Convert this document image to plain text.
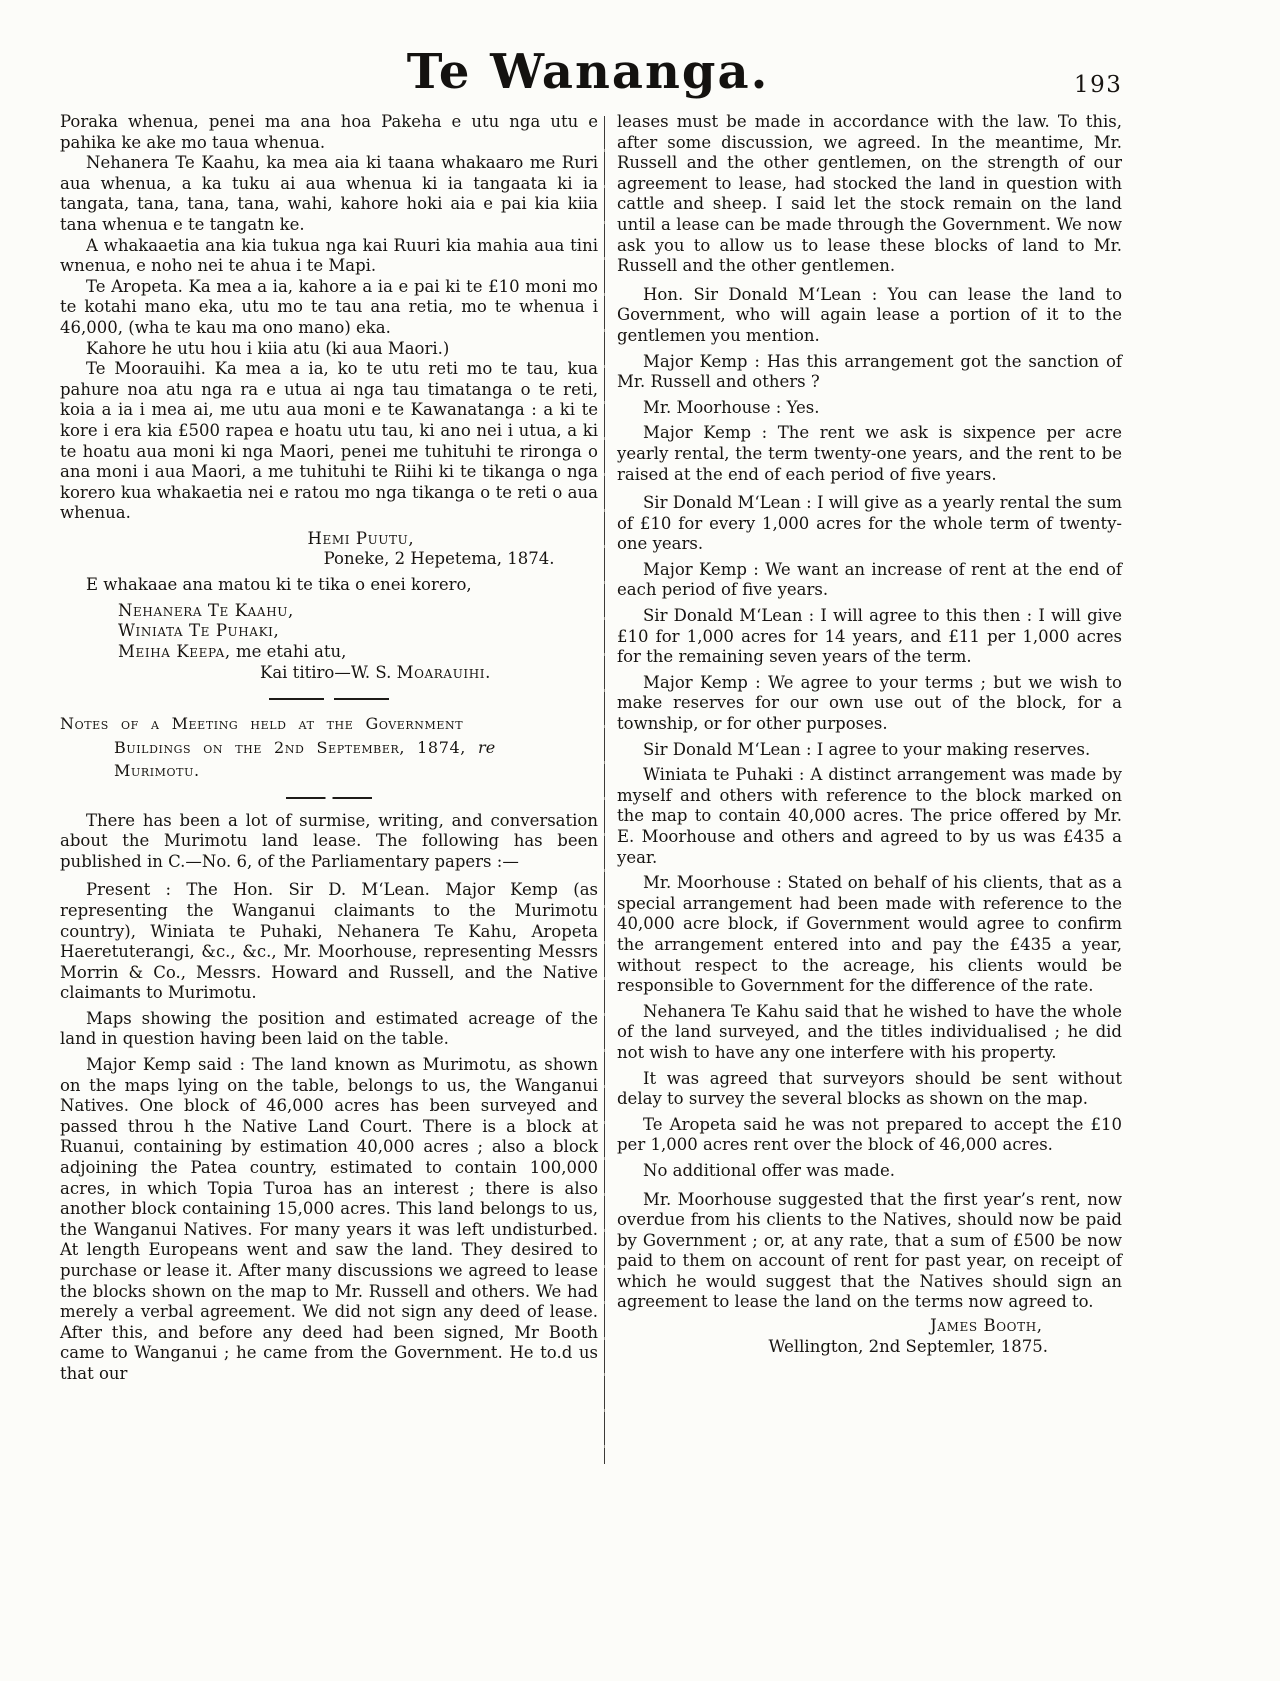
Te Wananga.	193

Poraka whenua, penei ma ana hoa Pakeha e utu nga utu e pahika ke ake mo taua whenua.

Nehanera Te Kaahu, ka mea aia ki taana whakaaro me Ruri aua whenua, a ka tuku ai aua whenua ki ia tangaata ki ia tangata, tana, tana, tana, wahi, kahore hoki aia e pai kia kiia tana whenua e te tangatn ke.

A whakaaetia ana kia tukua nga kai Ruuri kia mahia aua tini wnenua, e noho nei te ahua i te Mapi.

Te Aropeta. Ka mea a ia, kahore a ia e pai ki te £10 moni mo te kotahi mano eka, utu mo te tau ana retia, mo te whenua i 46,000, (wha te kau ma ono mano) eka.

Kahore he utu hou i kiia atu (ki aua Maori.)

Te Moorauihi. Ka mea a ia, ko te utu reti mo te tau, kua pahure noa atu nga ra e utua ai nga tau timatanga o te reti, koia a ia i mea ai, me utu aua moni e te Kawanatanga : a ki te kore i era kia £500 rapea e hoatu utu tau, ki ano nei i utua, a ki te hoatu aua moni ki nga Maori, penei me tuhituhi te rironga o ana moni i aua Maori, a me tuhituhi te Riihi ki te tikanga o nga korero kua whakaetia nei e ratou mo nga tikanga o te reti o aua whenua.

Hemi Puutu,

Poneke, 2 Hepetema, 1874.

E whakaae ana matou ki te tika o enei korero,

Nehanera Te Kaahu,

Winiata Te Puhaki,

Meiha Keepa, me etahi atu,

Kai titiro—W. S. Moarauihi.

Notes of a Meeting held at the Government

Buildings on the 2nd September, 1874, re

Murimotu.

There has been a lot of surmise, writing, and conversation about the Murimotu land lease. The following has been published in C.—No. 6, of the Parliamentary papers :—

Present : The Hon. Sir D. M‘Lean. Major Kemp (as representing the Wanganui claimants to the Murimotu country), Winiata te Puhaki, Nehanera Te Kahu, Aropeta Haeretuterangi, &c., &c., Mr. Moorhouse, representing Messrs Morrin & Co., Messrs. Howard and Russell, and the Native claimants to Murimotu.

Maps showing the position and estimated acreage of the land in question having been laid on the table.

Major Kemp said : The land known as Murimotu, as shown on the maps lying on the table, belongs to us, the Wanganui Natives. One block of 46,000 acres has been surveyed and passed throu h the Native Land Court. There is a block at Ruanui, containing by estimation 40,000 acres ; also a block adjoining the Patea country, estimated to contain 100,000 acres, in which Topia Turoa has an interest ; there is also another block containing 15,000 acres. This land belongs to us, the Wanganui Natives. For many years it was left undisturbed. At length Europeans went and saw the land. They desired to purchase or lease it. After many discussions we agreed to lease the blocks shown on the map to Mr. Russell and others. We had merely a verbal agreement. We did not sign any deed of lease. After this, and before any deed had been signed, Mr Booth came to Wanganui ; he came from the Government. He to.d us that our

leases must be made in accordance with the law. To this, after some discussion, we agreed. In the meantime, Mr. Russell and the other gentlemen, on the strength of our agreement to lease, had stocked the land in question with cattle and sheep. I said let the stock remain on the land until a lease can be made through the Government. We now ask you to allow us to lease these blocks of land to Mr. Russell and the other gentlemen.

Hon. Sir Donald M‘Lean : You can lease the land to Government, who will again lease a portion of it to the gentlemen you mention.

Major Kemp : Has this arrangement got the sanction of Mr. Russell and others ?

Mr. Moorhouse : Yes.

Major Kemp : The rent we ask is sixpence per acre yearly rental, the term twenty-one years, and the rent to be raised at the end of each period of five years.

Sir Donald M‘Lean : I will give as a yearly rental the sum of £10 for every 1,000 acres for the whole term of twenty-one years.

Major Kemp : We want an increase of rent at the end of each period of five years.

Sir Donald M‘Lean : I will agree to this then : I will give £10 for 1,000 acres for 14 years, and £11 per 1,000 acres for the remaining seven years of the term.

Major Kemp : We agree to your terms ; but we wish to make reserves for our own use out of the block, for a township, or for other purposes.

Sir Donald M‘Lean : I agree to your making reserves.

Winiata te Puhaki : A distinct arrangement was made by myself and others with reference to the block marked on the map to contain 40,000 acres. The price offered by Mr. E. Moorhouse and others and agreed to by us was £435 a year.

Mr. Moorhouse : Stated on behalf of his clients, that as a special arrangement had been made with reference to the 40,000 acre block, if Government would agree to confirm the arrangement entered into and pay the £435 a year, without respect to the acreage, his clients would be responsible to Government for the difference of the rate.

Nehanera Te Kahu said that he wished to have the whole of the land surveyed, and the titles individualised ; he did not wish to have any one interfere with his property.

It was agreed that surveyors should be sent without delay to survey the several blocks as shown on the map.

Te Aropeta said he was not prepared to accept the £10 per 1,000 acres rent over the block of 46,000 acres.

No additional offer was made.

Mr. Moorhouse suggested that the first year’s rent, now overdue from his clients to the Natives, should now be paid by Government ; or, at any rate, that a sum of £500 be now paid to them on account of rent for past year, on receipt of which he would suggest that the Natives should sign an agreement to lease the land on the terms now agreed to.

James Booth,

Wellington, 2nd Septemler, 1875.
